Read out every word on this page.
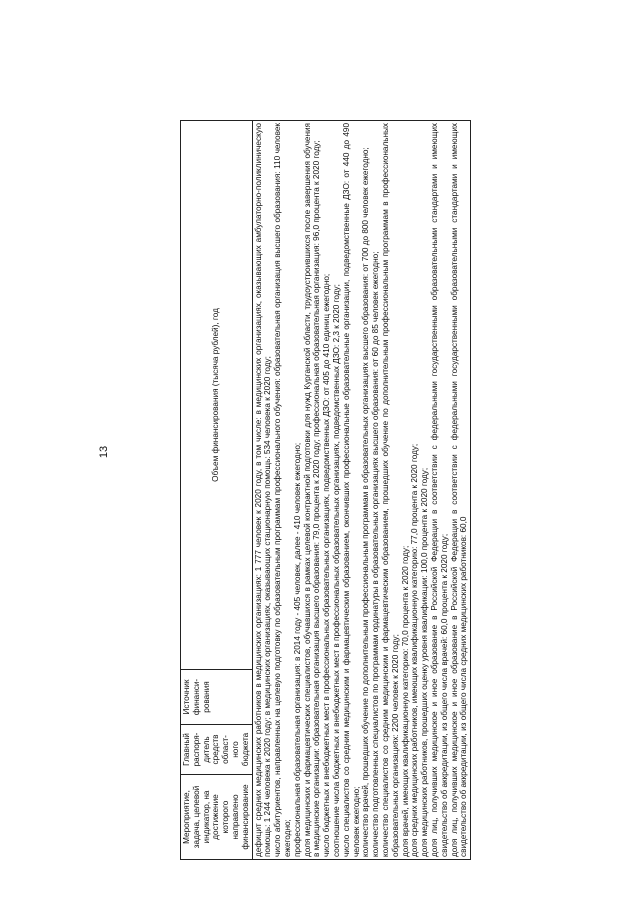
13
Мероприятие, задача, целевой индикатор, на достижение которого направлено финансирование	Главный распоря-дитель средств област-ного бюджета	Источник финанси-рования	Объем финансирования (тысяча рублей), год

дефицит средних медицинских работников в медицинских организациях: 1 777 человек к 2020 году, в том числе: в медицинских организациях, оказывающих амбулаторно-поликлиническую помощь: 1 244 человека к 2020 году; в медицинских организациях, оказывающих стационарную помощь: 534 человека к 2020 году; число абитуриентов, направленных на целевую подготовку по образовательным программам профессионального обучения: образовательная организация высшего образования: 110 человек ежегодно; профессиональная образовательная организация: в 2014 году - 405 человек, далее - 410 человек ежегодно; доля медицинских и фармацевтических специалистов, обучавшихся в рамках целевой контрактной подготовки для нужд Курганской области, трудоустроившихся после завершения обучения в медицинские организации: образовательная организация высшего образования: 79,0 процента к 2020 году; профессиональная образовательная организация: 96,0 процента к 2020 году; число бюджетных и внебюджетных мест в профессиональных образовательных организациях, подведомственных ДЗО: от 405 до 410 единиц ежегодно; соотношение числа бюджетных и внебюджетных мест в профессиональных образовательных организациях, подведомственных ДЗО: 2,3 к 2020 году; число специалистов со средним медицинским и фармацевтическим образованием, окончивших профессиональные образовательные организации, подведомственные ДЗО: от 440 до 490 человек ежегодно; количество врачей, прошедших обучение по дополнительным профессиональным программам в образовательных организациях высшего образования: от 700 до 800 человек ежегодно; количество подготовленных специалистов по программам ординатуры в образовательных организациях высшего образования: от 60 до 85 человек ежегодно; количество специалистов со средним медицинским и фармацевтическим образованием, прошедших обучение по дополнительным профессиональным программам в профессиональных образовательных организациях: 2200 человек к 2020 году; доля врачей, имеющих квалификационную категорию: 70,0 процента к 2020 году; доля средних медицинских работников, имеющих квалификационную категорию: 77,0 процента к 2020 году; доля медицинских работников, прошедших оценку уровня квалификации: 100,0 процента к 2020 году; доля лиц, получивших медицинское и иное образование в Российской Федерации в соответствии с федеральными государственными образовательными стандартами и имеющих свидетельство об аккредитации, из общего числа врачей: 60,0 процента к 2020 году; доля лиц, получивших медицинское и иное образование в Российской Федерации в соответствии с федеральными государственными образовательными стандартами и имеющих свидетельство об аккредитации, из общего числа средних медицинских работников: 60,0
